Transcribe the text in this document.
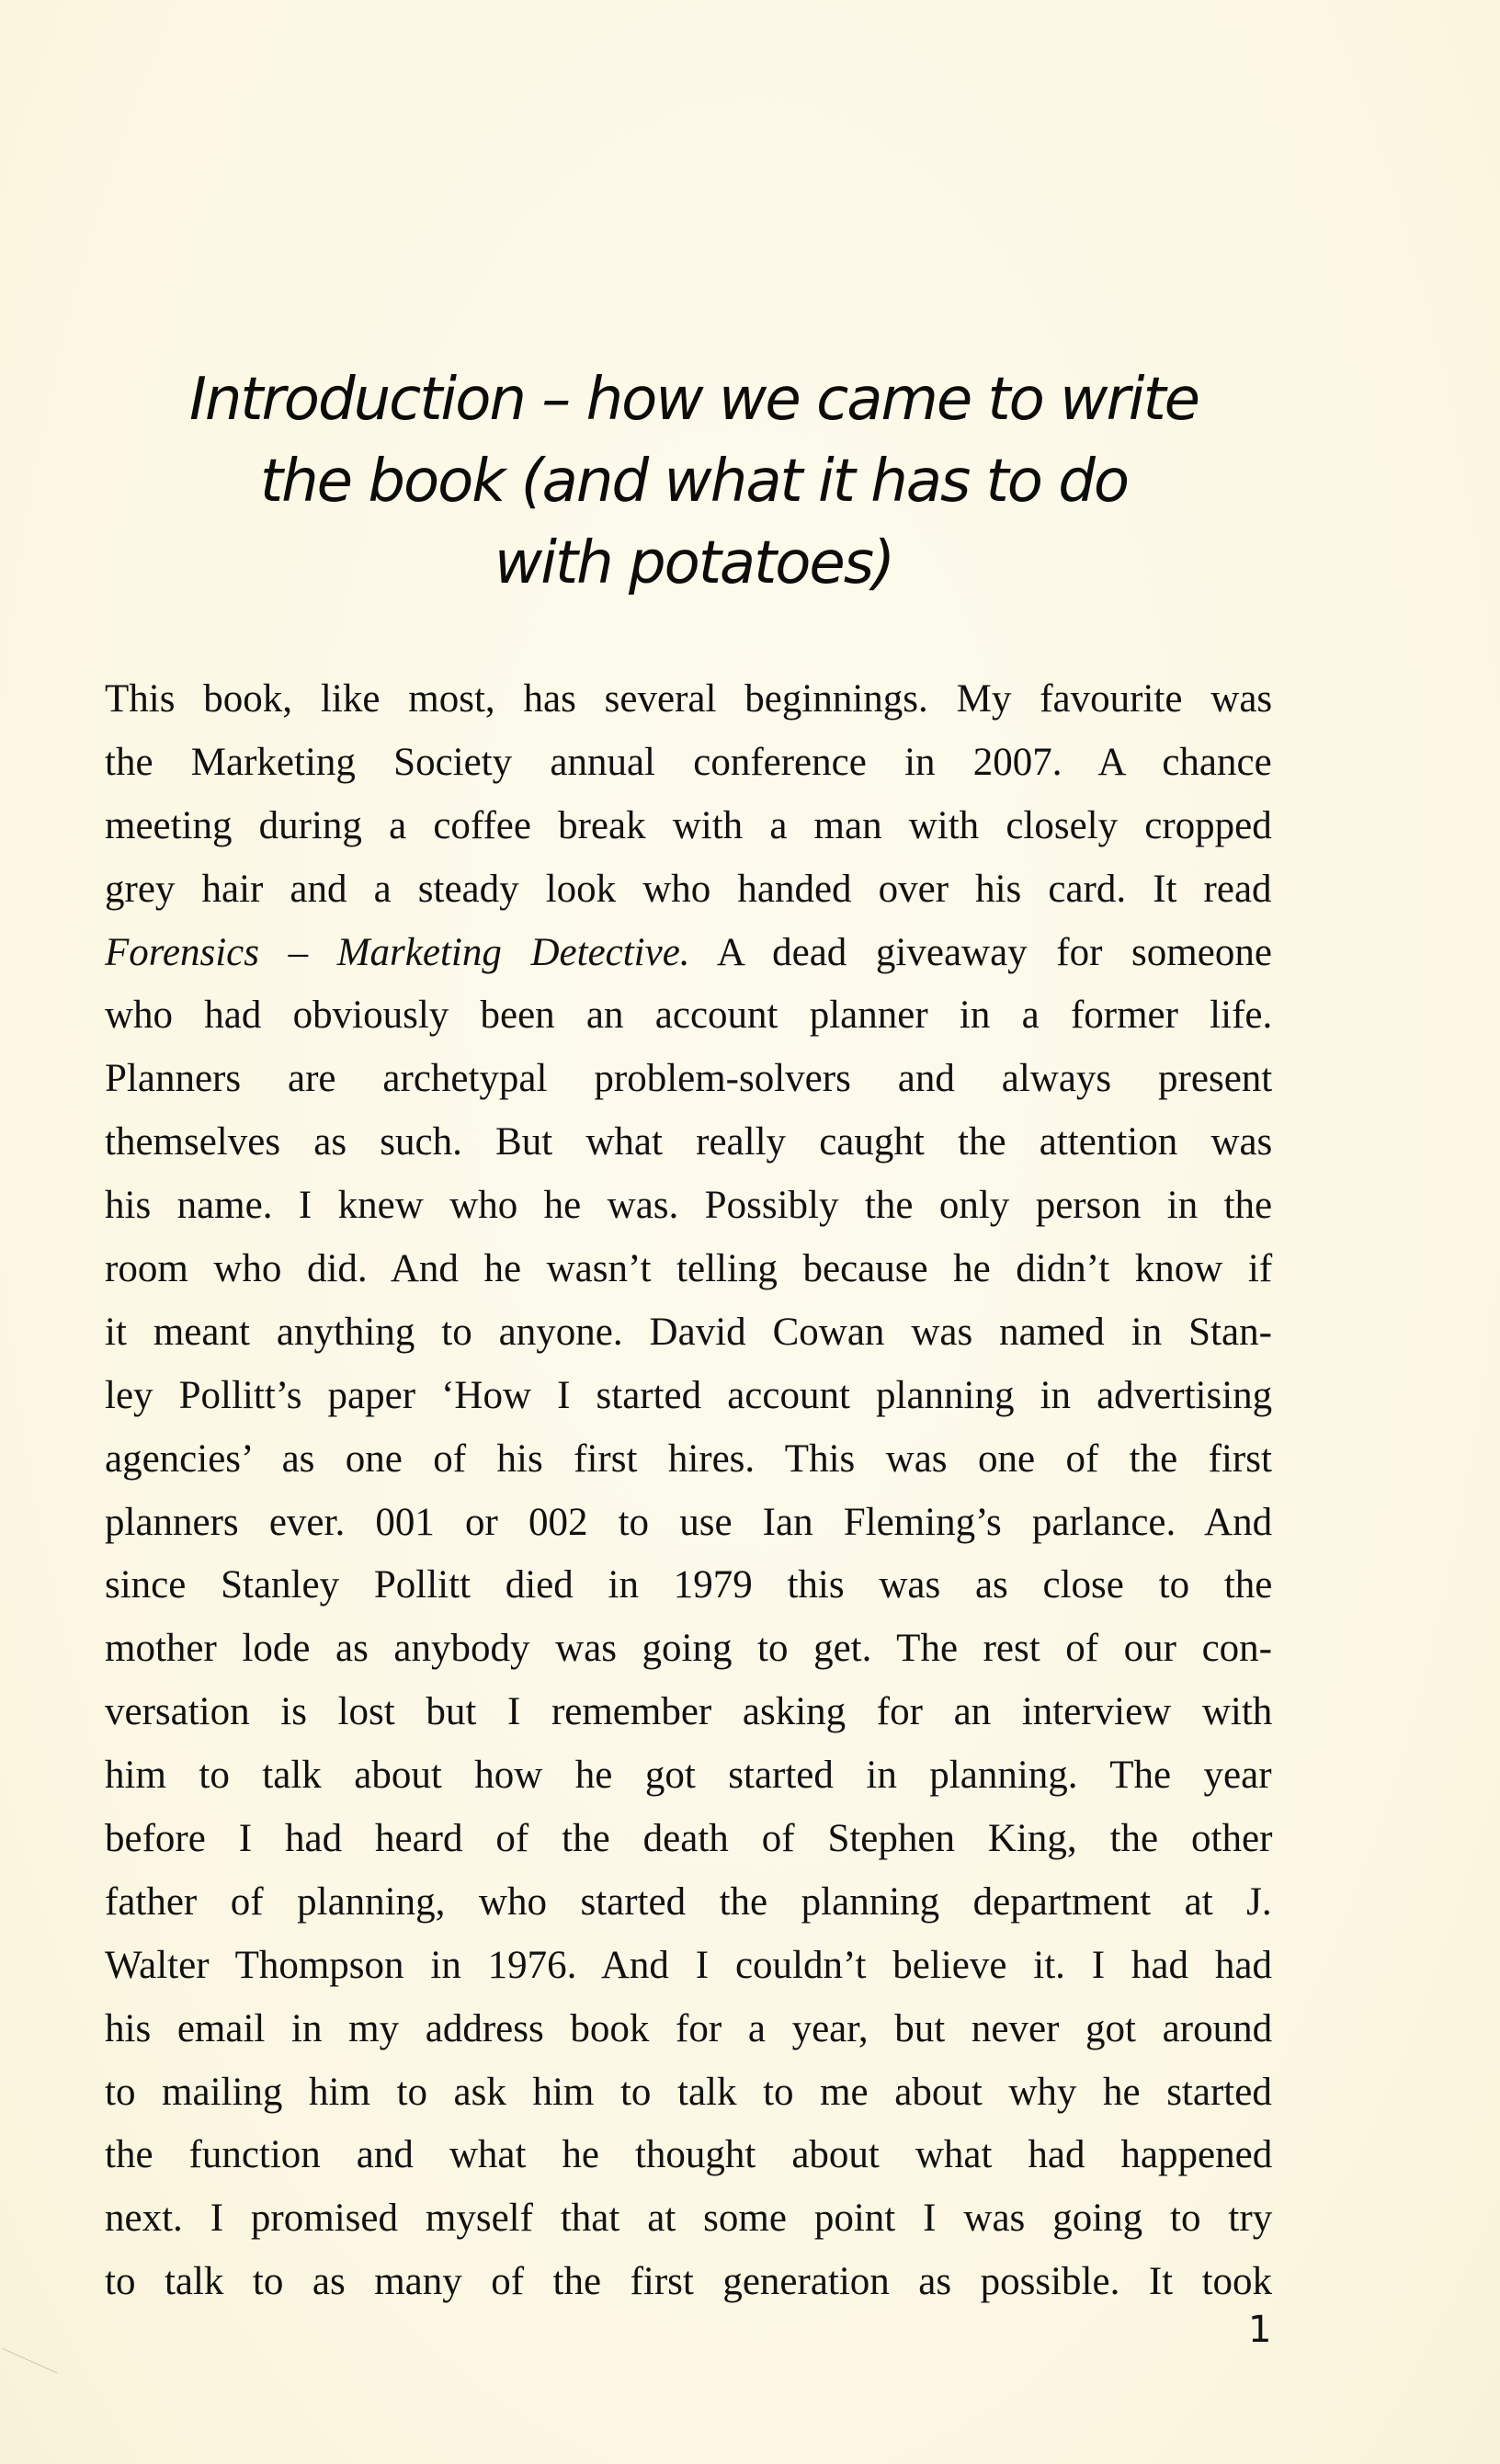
Introduction – how we came to write
the book (and what it has to do
with potatoes)
This book, like most, has several beginnings. My favourite was
the Marketing Society annual conference in 2007. A chance
meeting during a coffee break with a man with closely cropped
grey hair and a steady look who handed over his card. It read
Forensics – Marketing Detective. A dead giveaway for someone
who had obviously been an account planner in a former life.
Planners are archetypal problem-solvers and always present
themselves as such. But what really caught the attention was
his name. I knew who he was. Possibly the only person in the
room who did. And he wasn’t telling because he didn’t know if
it meant anything to anyone. David Cowan was named in Stan-
ley Pollitt’s paper ‘How I started account planning in advertising
agencies’ as one of his first hires. This was one of the first
planners ever. 001 or 002 to use Ian Fleming’s parlance. And
since Stanley Pollitt died in 1979 this was as close to the
mother lode as anybody was going to get. The rest of our con-
versation is lost but I remember asking for an interview with
him to talk about how he got started in planning. The year
before I had heard of the death of Stephen King, the other
father of planning, who started the planning department at J.
Walter Thompson in 1976. And I couldn’t believe it. I had had
his email in my address book for a year, but never got around
to mailing him to ask him to talk to me about why he started
the function and what he thought about what had happened
next. I promised myself that at some point I was going to try
to talk to as many of the first generation as possible. It took
1
